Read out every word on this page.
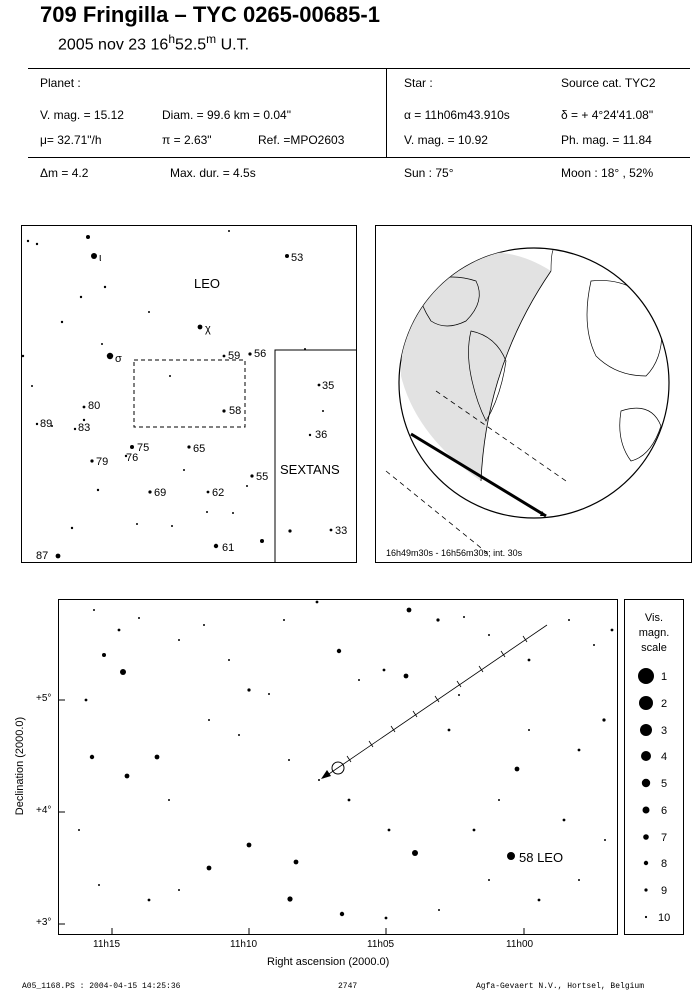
709 Fringilla – TYC 0265-00685-1
2005 nov 23 16$^h$52.5$^m$ U.T.
Planet :
V. mag. = 15.12	Diam. = 99.6 km = 0.04"
μ= 32.71"/h	π = 2.63"	Ref. =MPO2603
Δm = 4.2	Max. dur. = 4.5s
Star :	Source cat. TYC2
α = 11h06m43.910s	δ = + 4°24'41.08"
V. mag. = 10.92	Ph. mag. = 11.84
Sun : 75°	Moon : 18° , 52%
LEO
SEXTANS
ι
χ
σ
53
59 56
58
80
89 83
75	65
79 76
69	62
55
35
36
33
61
87	16h49m30s - 16h56m30s; int. 30s
58 LEO
11h15	11h10	11h05	11h00
+5°
+4°
+3°
Right ascension (2000.0)
Declination (2000.0)
Vis.
magn.
scale
1
2
3
4
5
6
7
8
9
10
A05_1168.PS : 2004-04-15 14:25:36	2747	Agfa-Gevaert N.V., Hortsel, Belgium
